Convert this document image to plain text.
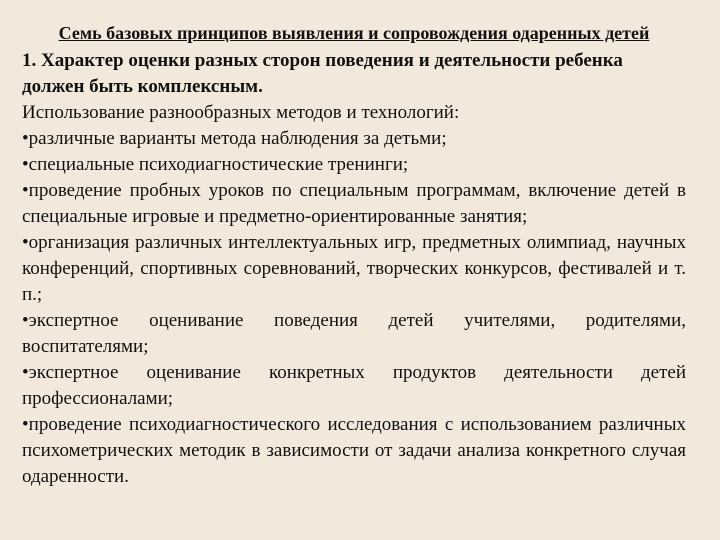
Семь базовых принципов выявления и сопровождения одаренных детей

1. Характер оценки разных сторон поведения и деятельности ребенка должен быть комплексным.

Использование разнообразных методов и технологий:

•различные варианты метода наблюдения за детьми;
•специальные психодиагностические тренинги;
•проведение пробных уроков по специальным программам, включение детей в специальные игровые и предметно-ориентированные занятия;
•организация различных интеллектуальных игр, предметных олимпиад, научных конференций, спортивных соревнований, творческих конкурсов, фестивалей и т. п.;
•экспертное оценивание поведения детей учителями, родителями, воспитателями;
•экспертное оценивание конкретных продуктов деятельности детей профессионалами;
•проведение психодиагностического исследования с использованием различных психометрических методик в зависимости от задачи анализа конкретного случая одаренности.
